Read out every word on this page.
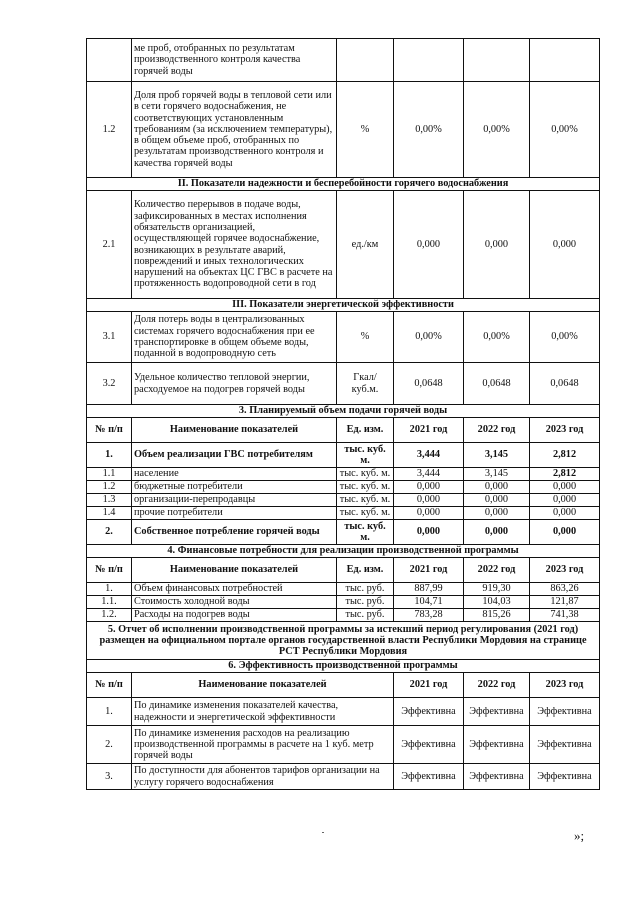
	ме проб, отобранных по результатам производственного контроля качества горячей воды				
1.2	Доля проб горячей воды в тепловой сети или в сети горячего водоснабжения, не соответствующих установленным требованиям (за исключением температуры), в общем объеме проб, отобранных по результатам производственного контроля и качества горячей воды	%	0,00%	0,00%	0,00%
II. Показатели надежности и бесперебойности горячего водоснабжения					
2.1	Количество перерывов в подаче воды, зафиксированных в местах исполнения обязательств организацией, осуществляющей горячее водоснабжение, возникающих в результате аварий, повреждений и иных технологических нарушений на объектах ЦС ГВС в расчете на протяженность водопроводной сети в год	ед./км	0,000	0,000	0,000
III. Показатели энергетической эффективности					
3.1	Доля потерь воды в централизованных системах горячего водоснабжения при ее транспортировке в общем объеме воды, поданной в водопроводную сеть	%	0,00%	0,00%	0,00%
3.2	Удельное количество тепловой энергии, расходуемое на подогрев горячей воды	Гкал/ куб.м.	0,0648	0,0648	0,0648
3. Планируемый объем подачи горячей воды					
№ п/п	Наименование показателей	Ед. изм.	2021 год	2022 год	2023 год
1.	Объем реализации ГВС потребителям	тыс. куб. м.	3,444	3,145	2,812
1.1	население	тыс. куб. м.	3,444	3,145	2,812
1.2	бюджетные потребители	тыс. куб. м.	0,000	0,000	0,000
1.3	организации-перепродавцы	тыс. куб. м.	0,000	0,000	0,000
1.4	прочие потребители	тыс. куб. м.	0,000	0,000	0,000
2.	Собственное потребление горячей воды	тыс. куб. м.	0,000	0,000	0,000
4. Финансовые потребности для реализации производственной программы					
№ п/п	Наименование показателей	Ед. изм.	2021 год	2022 год	2023 год
1.	Объем финансовых потребностей	тыс. руб.	887,99	919,30	863,26
1.1.	Стоимость холодной воды	тыс. руб.	104,71	104,03	121,87
1.2.	Расходы на подогрев воды	тыс. руб.	783,28	815,26	741,38
5. Отчет об исполнении производственной программы за истекший период регулирования (2021 год) размещен на официальном портале органов государственной власти Республики Мордовия на странице РСТ Республики Мордовия				
6. Эффективность производственной программы				
№ п/п	Наименование показателей	2021 год	2022 год	2023 год
1.	По динамике изменения показателей качества, надежности и энергетической эффективности	Эффективна	Эффективна	Эффективна
2.	По динамике изменения расходов на реализацию производственной программы в расчете на 1 куб. метр горячей воды	Эффективна	Эффективна	Эффективна
3.	По доступности для абонентов тарифов организации на услугу горячего водоснабжения	Эффективна	Эффективна	Эффективна
»;
